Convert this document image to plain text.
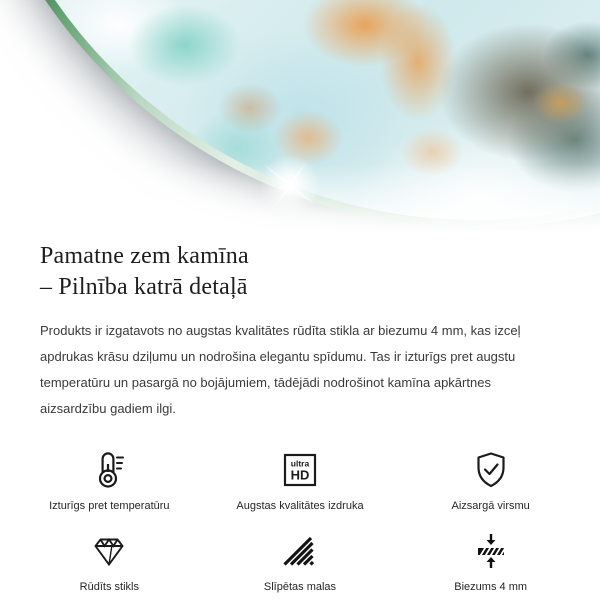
Pamatne zem kamīna
– Pilnība katrā detaļā

Produkts ir izgatavots no augstas kvalitātes rūdīta stikla ar biezumu 4 mm, kas izceļ apdrukas krāsu dziļumu un nodrošina elegantu spīdumu. Tas ir izturīgs pret augstu temperatūru un pasargā no bojājumiem, tādējādi nodrošinot kamīna apkārtnes aizsardzību gadiem ilgi.

Izturīgs pret temperatūru
ultra
HD
Augstas kvalitātes izdruka	Aizsargā virsmu
Rūdīts stikls	Slīpētas malas	Biezums 4 mm
